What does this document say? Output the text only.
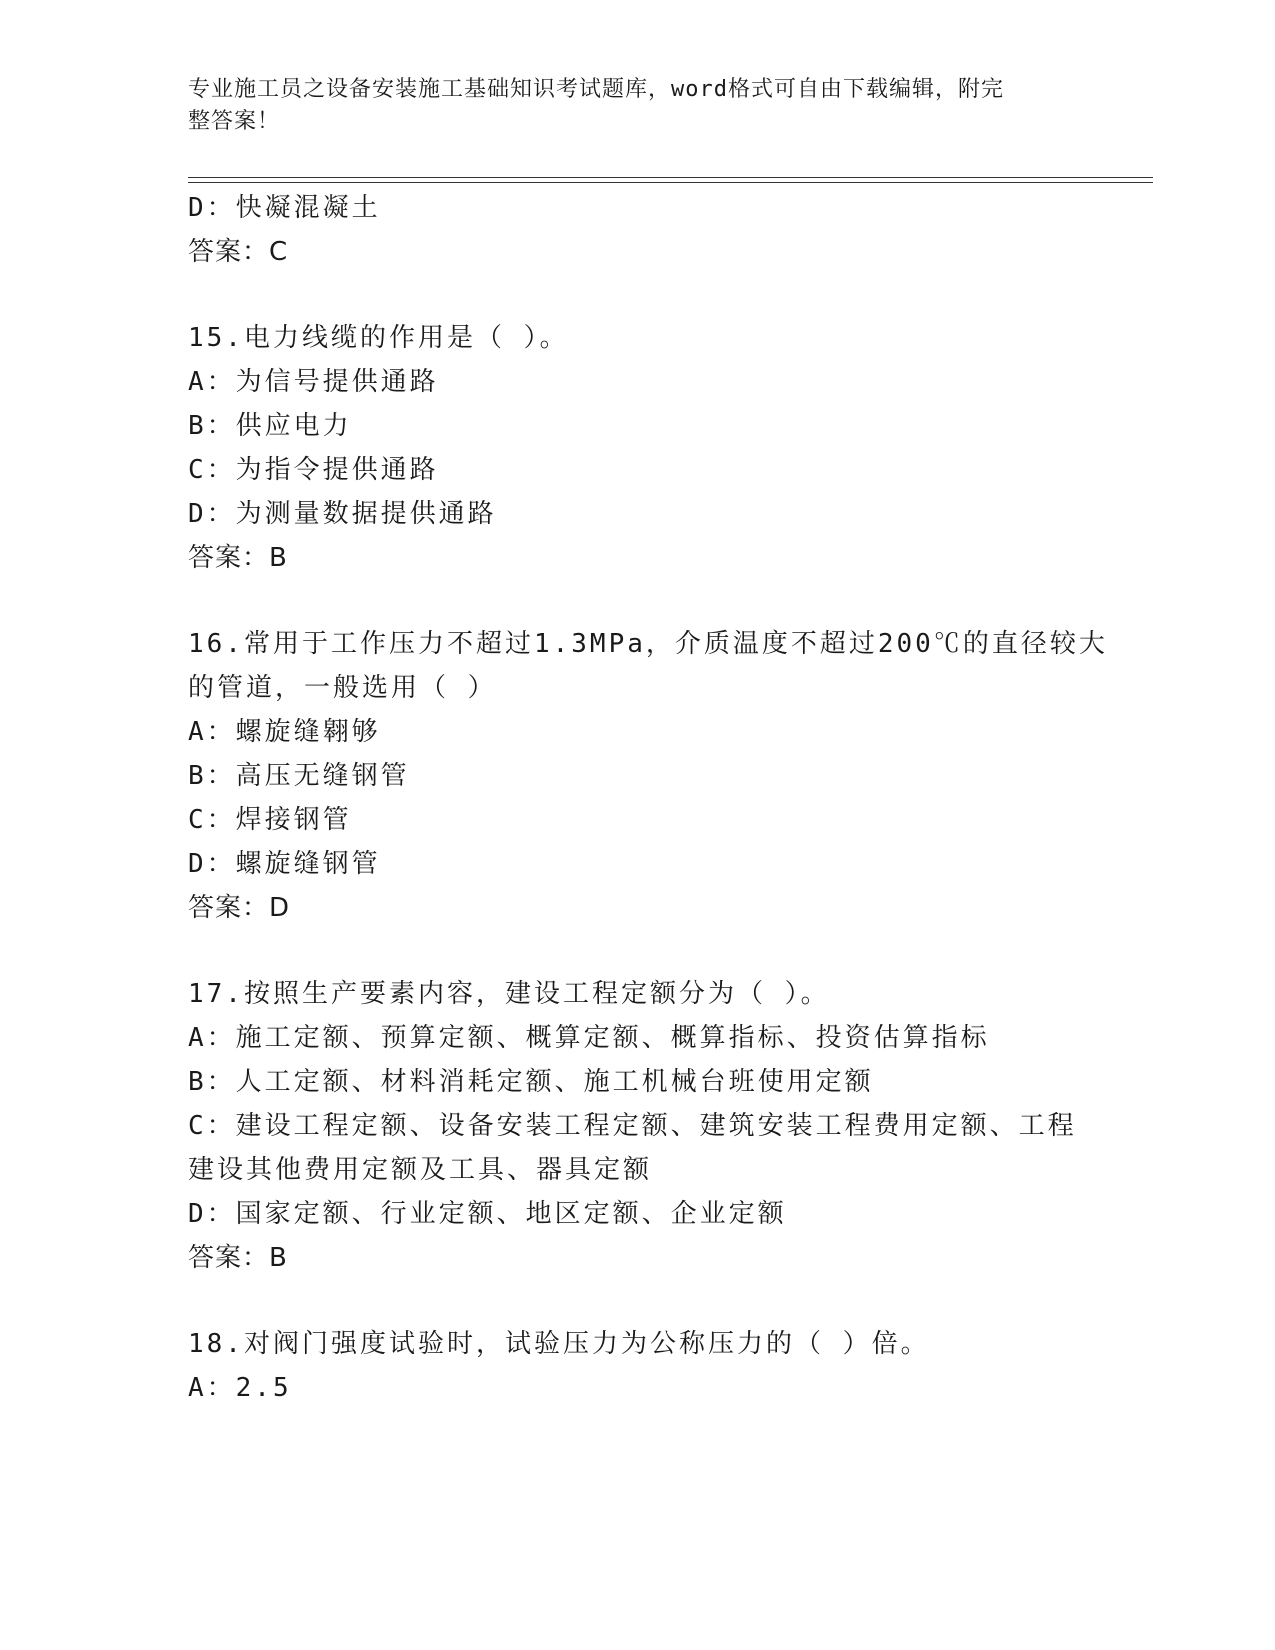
专业施工员之设备安装施工基础知识考试题库，word格式可自由下载编辑，附完
整答案！
D：快凝混凝土
答案：C
15.电力线缆的作用是（ ）。
A：为信号提供通路
B：供应电力
C：为指令提供通路
D：为测量数据提供通路
答案：B
16.常用于工作压力不超过1.3MPa，介质温度不超过200℃的直径较大
的管道，一般选用（ ）
A：螺旋缝翱够
B：高压无缝钢管
C：焊接钢管
D：螺旋缝钢管
答案：D
17.按照生产要素内容，建设工程定额分为（ ）。
A：施工定额、预算定额、概算定额、概算指标、投资估算指标
B：人工定额、材料消耗定额、施工机械台班使用定额
C：建设工程定额、设备安装工程定额、建筑安装工程费用定额、工程
建设其他费用定额及工具、器具定额
D：国家定额、行业定额、地区定额、企业定额
答案：B
18.对阀门强度试验时，试验压力为公称压力的（ ）倍。
A：2.5
